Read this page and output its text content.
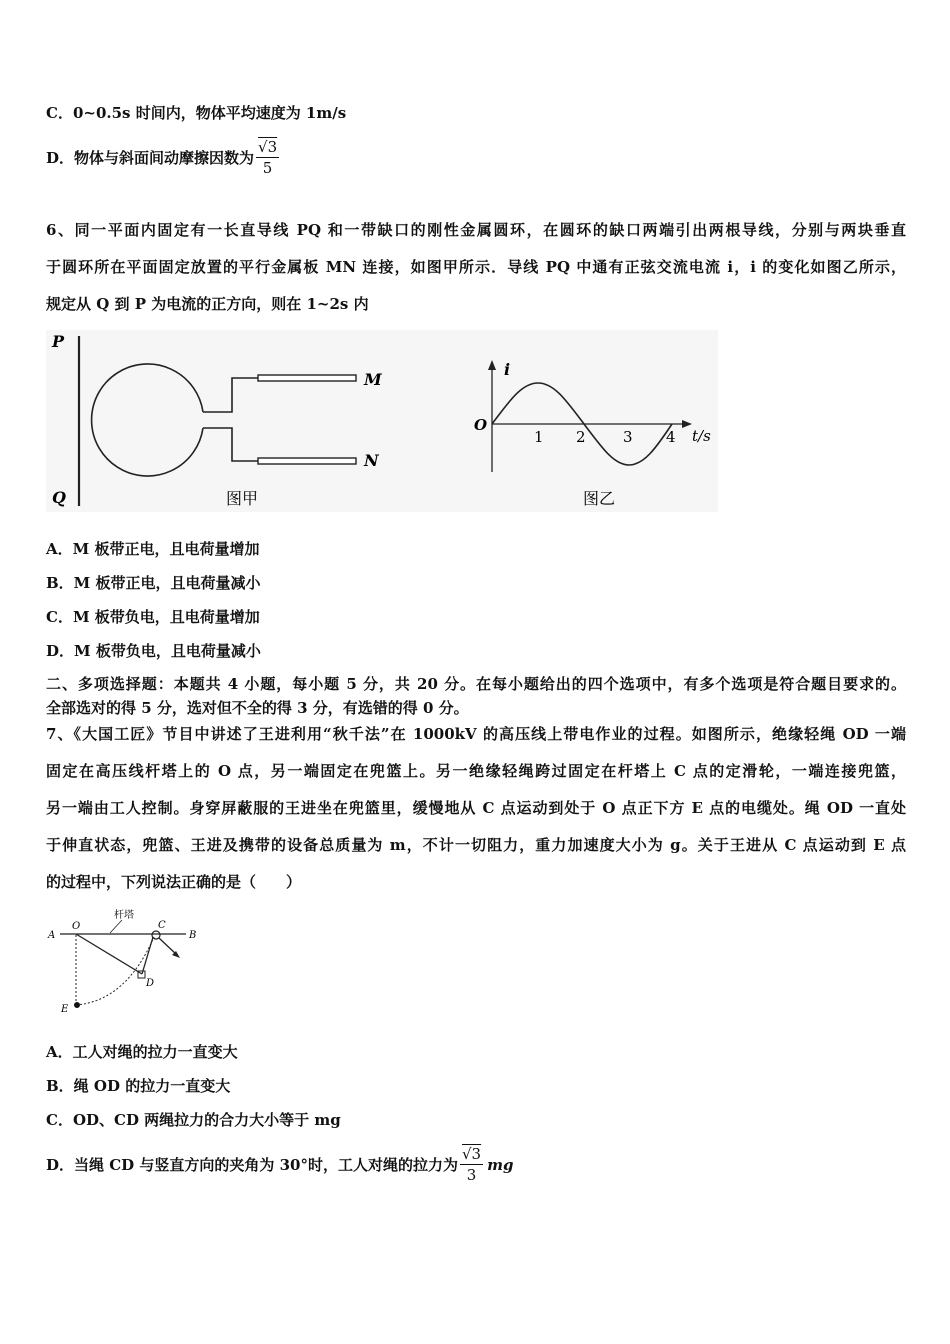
C．0~0.5s 时间内，物体平均速度为 1m/s
D．物体与斜面间动摩擦因数为 $\frac{√3}{5}$

6、同一平面内固定有一长直导线 PQ 和一带缺口的刚性金属圆环，在圆环的缺口两端引出两根导线，分别与两块垂直

于圆环所在平面固定放置的平行金属板 MN 连接，如图甲所示．导线 PQ 中通有正弦交流电流 i，i 的变化如图乙所示，

规定从 Q 到 P 为电流的正方向，则在 1~2s 内

P
Q
M
N
图甲
i
O
1 2 3 4 t/s
图乙
A．M 板带正电，且电荷量增加
B．M 板带正电，且电荷量减小
C．M 板带负电，且电荷量增加
D．M 板带负电，且电荷量减小

二、多项选择题：本题共 4 小题，每小题 5 分，共 20 分。在每小题给出的四个选项中，有多个选项是符合题目要求的。

全部选对的得 5 分，选对但不全的得 3 分，有选错的得 0 分。

7、《大国工匠》节目中讲述了王进利用“秋千法”在 1000kV 的高压线上带电作业的过程。如图所示，绝缘轻绳 OD 一端

固定在高压线杆塔上的 O 点，另一端固定在兜篮上。另一绝缘轻绳跨过固定在杆塔上 C 点的定滑轮，一端连接兜篮，

另一端由工人控制。身穿屏蔽服的王进坐在兜篮里，缓慢地从 C 点运动到处于 O 点正下方 E 点的电缆处。绳 OD 一直处

于伸直状态，兜篮、王进及携带的设备总质量为 m，不计一切阻力，重力加速度大小为 g。关于王进从 C 点运动到 E 点

的过程中，下列说法正确的是（　　）

A
O
杆塔
C
B
D
E
A．工人对绳的拉力一直变大
B．绳 OD 的拉力一直变大
C．OD、CD 两绳拉力的合力大小等于 mg
D．当绳 CD 与竖直方向的夹角为 30°时，工人对绳的拉力为 $\frac{√3}{3}$ mg
